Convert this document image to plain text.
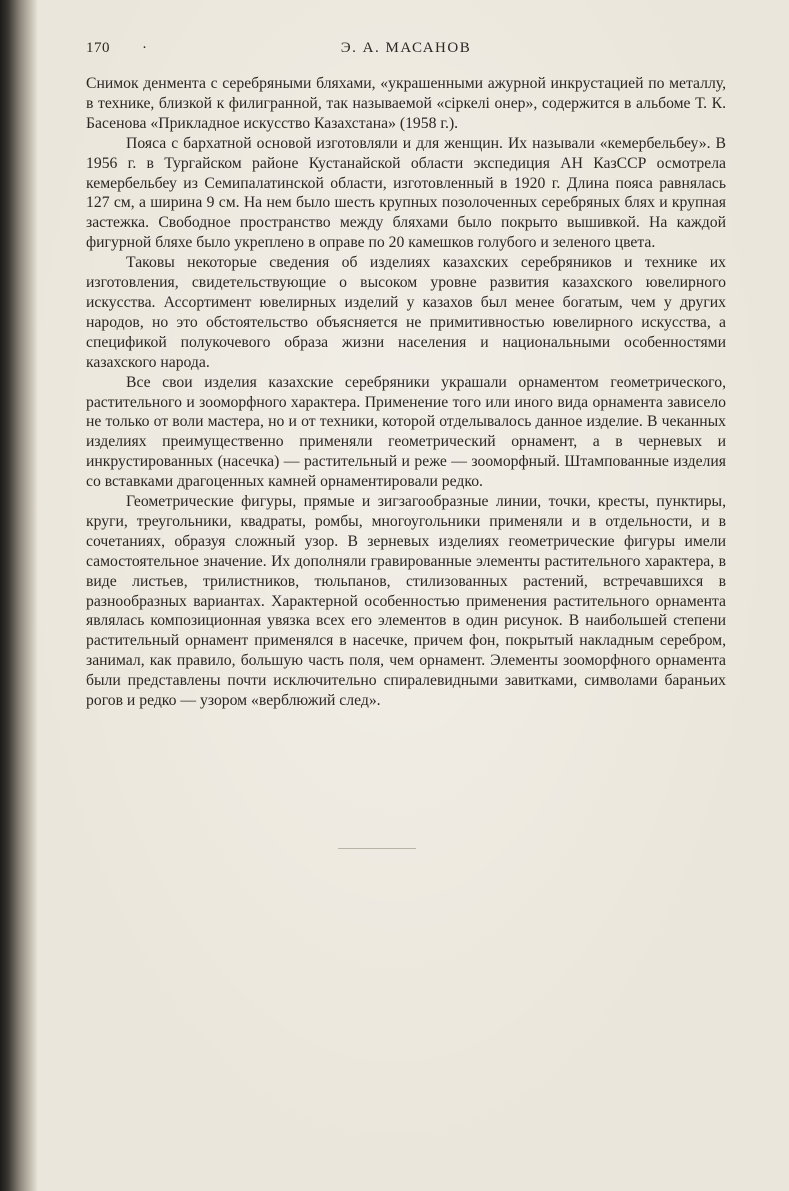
170 ·	Э. А. МАСАНОВ

Снимок денмента с серебряными бляхами, «украшенными ажурной инкрустацией по металлу, в технике, близкой к филигранной, так называемой «сіркелі онер», содержится в альбоме Т. К. Басенова «Прикладное искусство Казахстана» (1958 г.).

Пояса с бархатной основой изготовляли и для женщин. Их называли «кемербельбеу». В 1956 г. в Тургайском районе Кустанайской области экспедиция АН КазССР осмотрела кемербельбеу из Семипалатинской области, изготовленный в 1920 г. Длина пояса равнялась 127 см, а ширина 9 см. На нем было шесть крупных позолоченных серебряных блях и крупная застежка. Свободное пространство между бляхами было покрыто вышивкой. На каждой фигурной бляхе было укреплено в оправе по 20 камешков голубого и зеленого цвета.

Таковы некоторые сведения об изделиях казахских серебряников и технике их изготовления, свидетельствующие о высоком уровне развития казахского ювелирного искусства. Ассортимент ювелирных изделий у казахов был менее богатым, чем у других народов, но это обстоятельство объясняется не примитивностью ювелирного искусства, а спецификой полукочевого образа жизни населения и национальными особенностями казахского народа.

Все свои изделия казахские серебряники украшали орнаментом геометрического, растительного и зооморфного характера. Применение того или иного вида орнамента зависело не только от воли мастера, но и от техники, которой отделывалось данное изделие. В чеканных изделиях преимущественно применяли геометрический орнамент, а в черневых и инкрустированных (насечка) — растительный и реже — зооморфный. Штампованные изделия со вставками драгоценных камней орнаментировали редко.

Геометрические фигуры, прямые и зигзагообразные линии, точки, кресты, пунктиры, круги, треугольники, квадраты, ромбы, многоугольники применяли и в отдельности, и в сочетаниях, образуя сложный узор. В зерневых изделиях геометрические фигуры имели самостоятельное значение. Их дополняли гравированные элементы растительного характера, в виде листьев, трилистников, тюльпанов, стилизованных растений, встречавшихся в разнообразных вариантах. Характерной особенностью применения растительного орнамента являлась композиционная увязка всех его элементов в один рисунок. В наибольшей степени растительный орнамент применялся в насечке, причем фон, покрытый накладным серебром, занимал, как правило, большую часть поля, чем орнамент. Элементы зооморфного орнамента были представлены почти исключительно спиралевидными завитками, символами бараньих рогов и редко — узором «верблюжий след».
